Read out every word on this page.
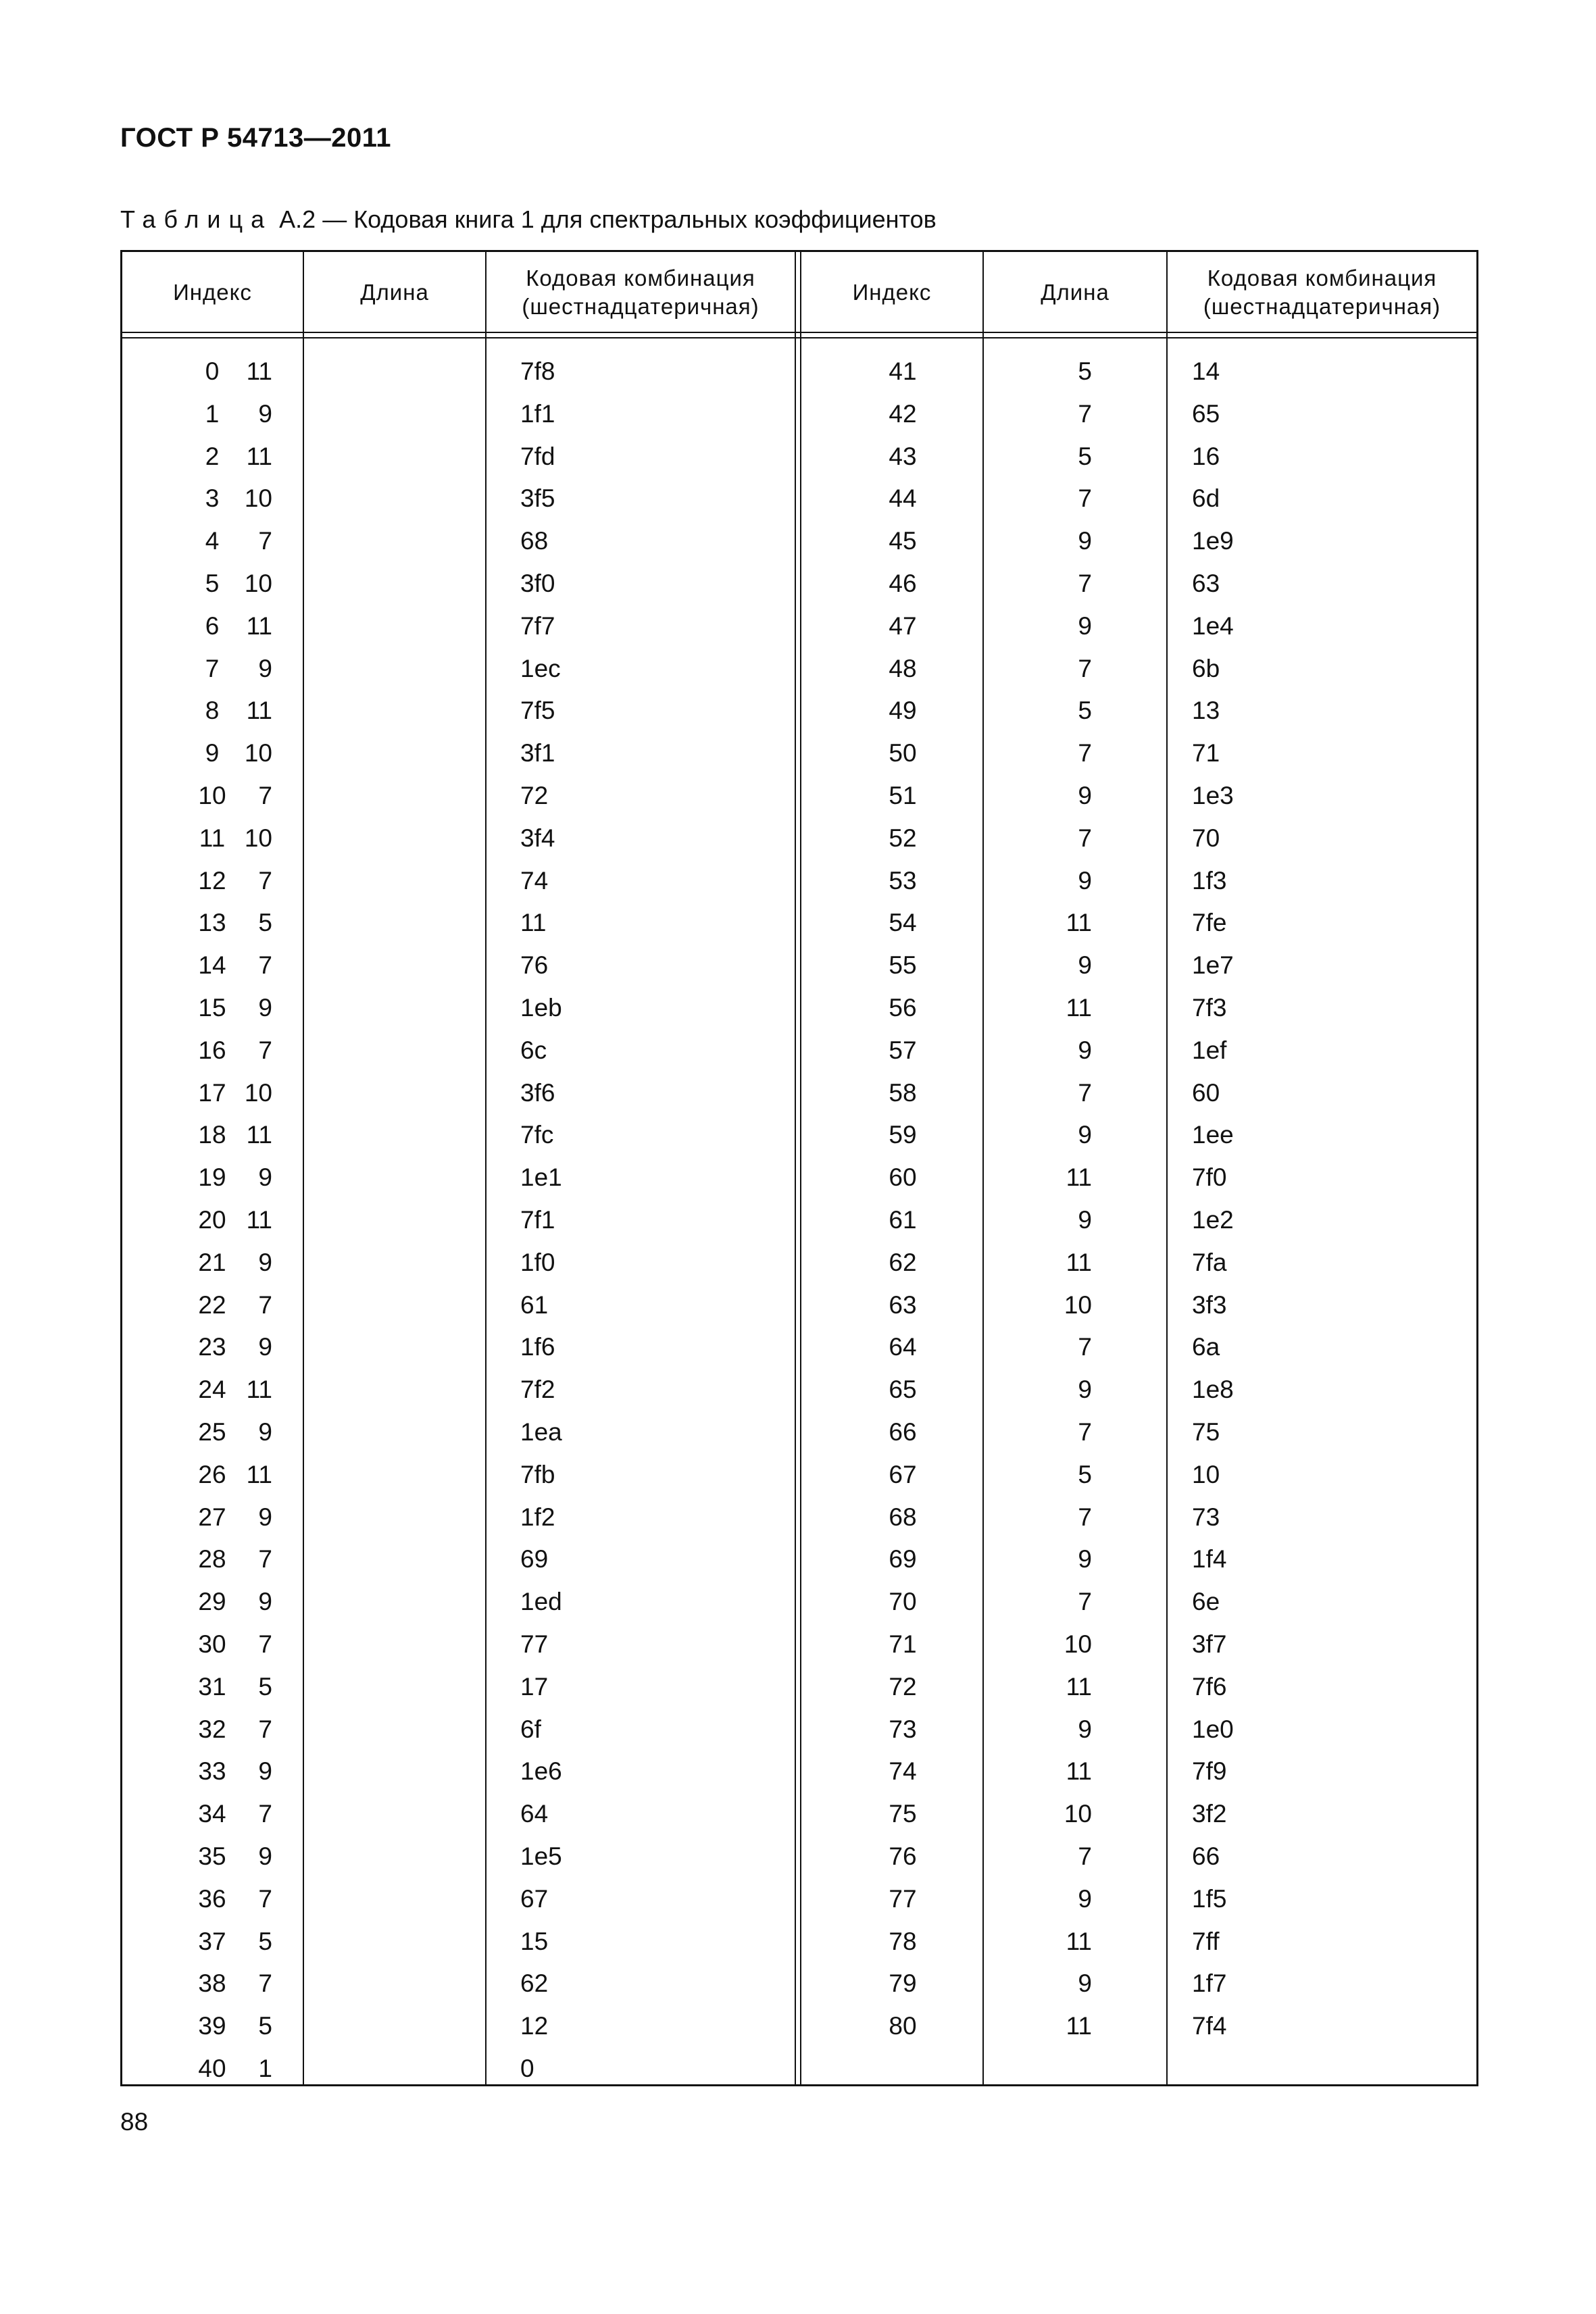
ГОСТ Р 54713—2011
Таблица А.2 — Кодовая книга 1 для спектральных коэффициентов
Индекс	Длина
Кодовая комбинация
(шестнадцатеричная)
Индекс	Длина
Кодовая комбинация
(шестнадцатеричная)
0	11	7f8
1	9	1f1
2	11	7fd
3	10	3f5
4	7	68
5	10	3f0
6	11	7f7
7	9	1ec
8	11	7f5
9	10	3f1
10	7	72
11 10	3f4
12	7	74
13	5	11
14	7	76
15	9	1eb
16	7	6c
17 10	3f6
18 11	7fc
19	9	1e1
20 11	7f1
21	9	1f0
22	7	61
23	9	1f6
24 11	7f2
25	9	1ea
26 11	7fb
27	9	1f2
28	7	69
29	9	1ed
30	7	77
31	5	17
32	7	6f
33	9	1e6
34	7	64
35	9	1e5
36	7	67
37	5	15
38	7	62
39	5	12
40	1	0
41	5	14
42	7	65
43	5	16
44	7	6d
45	9	1e9
46	7	63
47	9	1e4
48	7	6b
49	5	13
50	7	71
51	9	1e3
52	7	70
53	9	1f3
54	11	7fe
55	9	1e7
56	11	7f3
57	9	1ef
58	7	60
59	9	1ee
60	11	7f0
61	9	1e2
62	11	7fa
63	10	3f3
64	7	6a
65	9	1e8
66	7	75
67	5	10
68	7	73
69	9	1f4
70	7	6e
71	10	3f7
72	11	7f6
73	9	1e0
74	11	7f9
75	10	3f2
76	7	66
77	9	1f5
78	11	7ff
79	9	1f7
80	11	7f4
88
